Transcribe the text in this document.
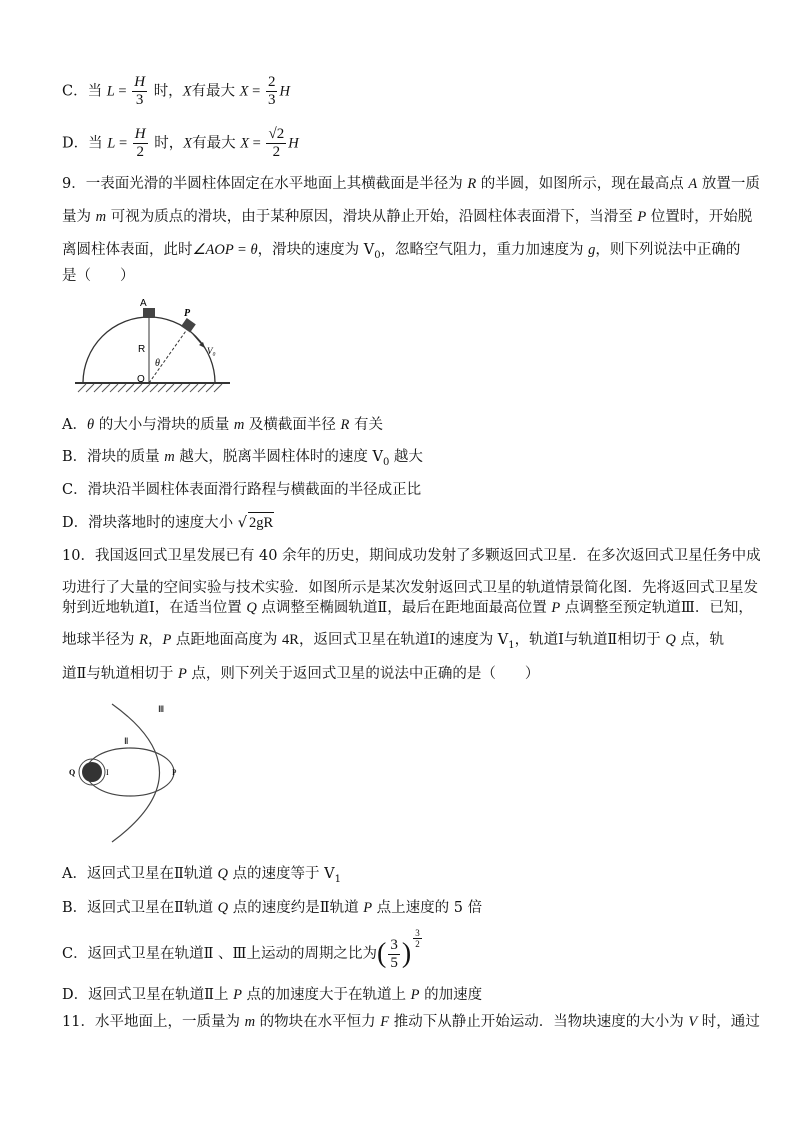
C．当 $L = \frac{H}{3}$ 时，X有最大 $X = \frac{2}{3}$ H
D．当 $L = \frac{H}{2}$ 时，X有最大 $X = \frac{√2}{2}$ H
9．一表面光滑的半圆柱体固定在水平地面上其横截面是半径为 R 的半圆，如图所示，现在最高点 A 放置一质
量为 m 可视为质点的滑块，由于某种原因，滑块从静止开始，沿圆柱体表面滑下，当滑至 P 位置时，开始脱
离圆柱体表面，此时∠AOP = θ，滑块的速度为 $V_0$，忽略空气阻力，重力加速度为 g，则下列说法中正确的
是（　　）
A
P
R
O
θ
V₀
A．θ 的大小与滑块的质量 m 及横截面半径 R 有关
B．滑块的质量 m 越大，脱离半圆柱体时的速度 $V_0$ 越大
C．滑块沿半圆柱体表面滑行路程与横截面的半径成正比
D．滑块落地时的速度大小 √ 2gR
10．我国返回式卫星发展已有 40 余年的历史，期间成功发射了多颗返回式卫星．在多次返回式卫星任务中成
功进行了大量的空间实验与技术实验．如图所示是某次发射返回式卫星的轨道情景简化图．先将返回式卫星发
射到近地轨道Ⅰ，在适当位置 Q 点调整至椭圆轨道Ⅱ，最后在距地面最高位置 P 点调整至预定轨道Ⅲ．已知，
地球半径为 R，P 点距地面高度为 4R，返回式卫星在轨道Ⅰ的速度为 $V_1$，轨道Ⅰ与轨道Ⅱ相切于 Q 点，轨
道Ⅱ与轨道相切于 P 点，则下列关于返回式卫星的说法中正确的是（　　）
Ⅲ
Ⅱ
I
Q	P
A．返回式卫星在Ⅱ轨道 Q 点的速度等于 $V_1$
B．返回式卫星在Ⅱ轨道 Q 点的速度约是Ⅱ轨道 P 点上速度的 5 倍
C．返回式卫星在轨道Ⅱ 、Ⅲ上运动的周期之比为( $\frac{3}{5}$ ) $\frac{3}{2}$
D．返回式卫星在轨道Ⅱ上 P 点的加速度大于在轨道上 P 的加速度
11．水平地面上，一质量为 m 的物块在水平恒力 F 推动下从静止开始运动．当物块速度的大小为 V 时，通过
